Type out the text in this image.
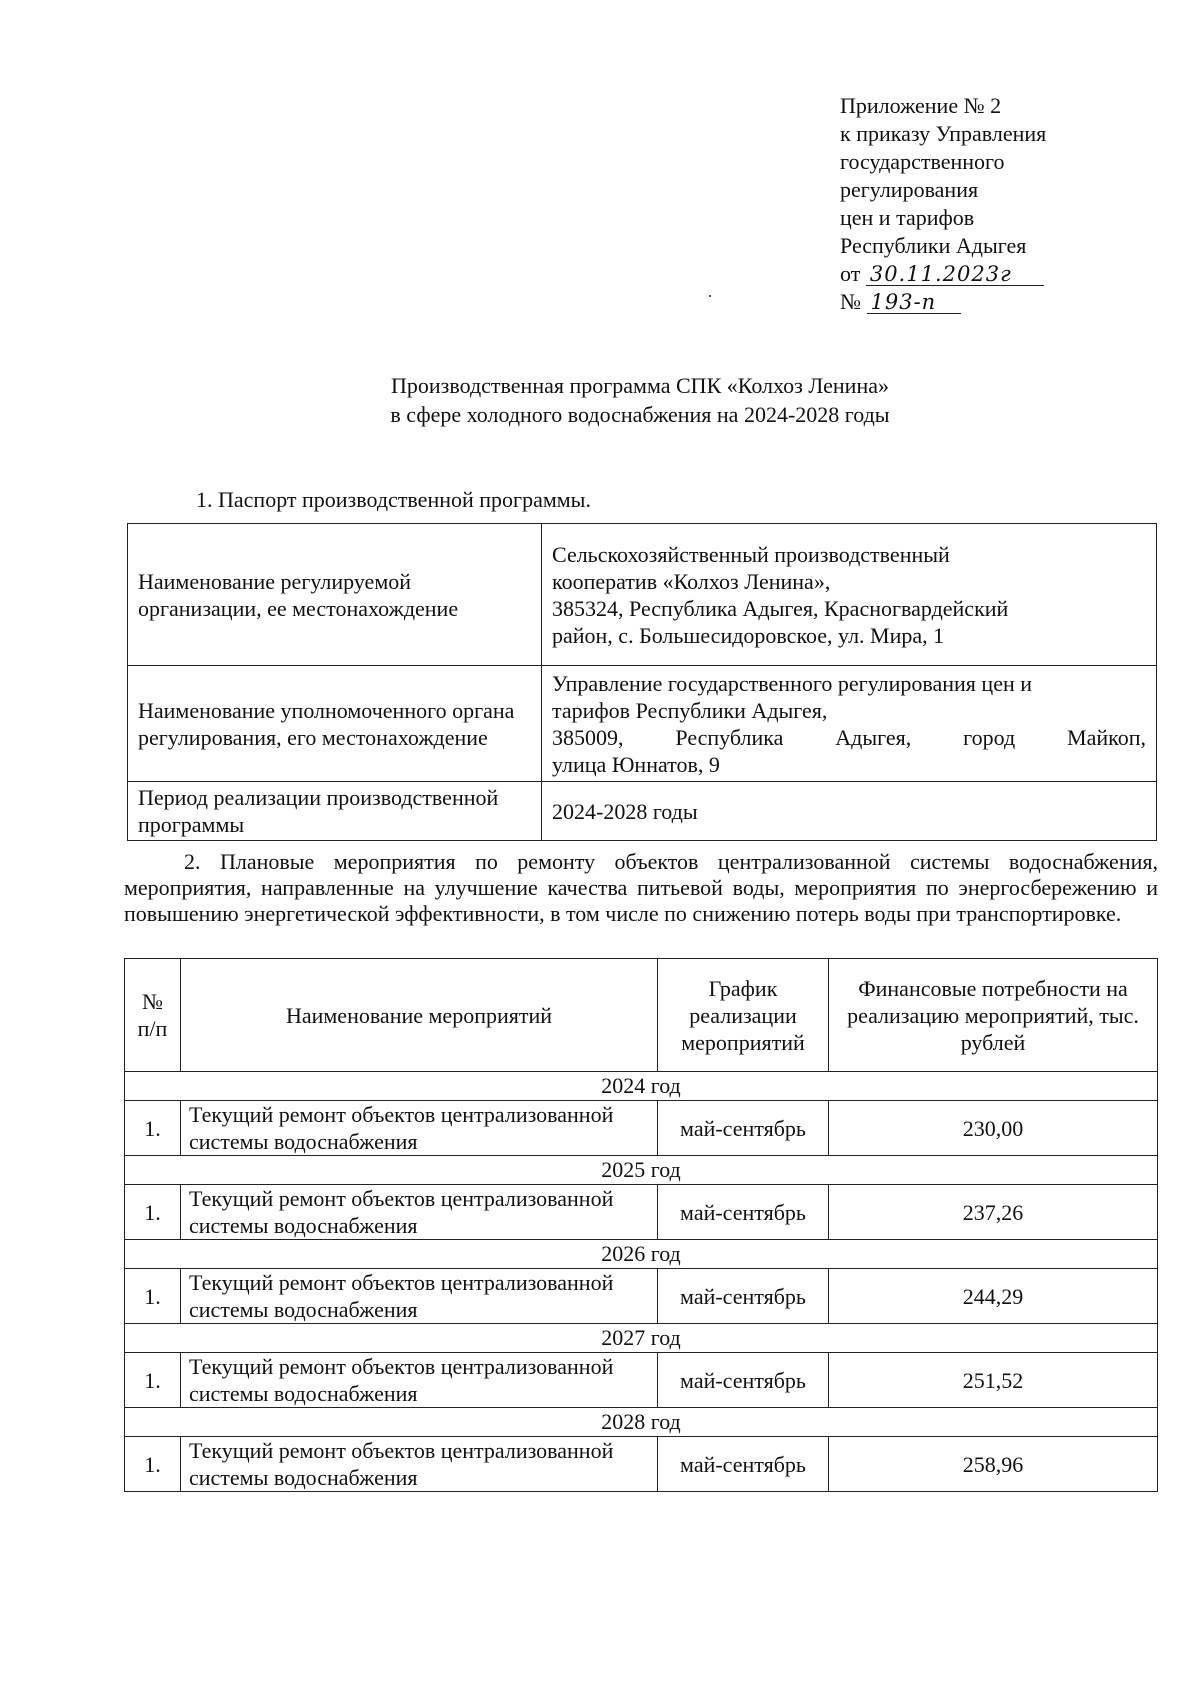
Приложение № 2
к приказу Управления
государственного
регулирования
цен и тарифов
Республики Адыгея
от 30.11.2023г
№ 193-п
Производственная программа СПК «Колхоз Ленина»
в сфере холодного водоснабжения на 2024-2028 годы
1. Паспорт производственной программы.
Наименование регулируемой организации, ее местонахождение	Сельскохозяйственный производственный
кооператив «Колхоз Ленина»,
385324, Республика Адыгея, Красногвардейский
район, с. Большесидоровское, ул. Мира, 1

Наименование уполномоченного органа регулирования, его местонахождение	Управление государственного регулирования цен и
тарифов Республики Адыгея,
385009, Республика Адыгея, город Майкоп,
улица Юннатов, 9

Период реализации производственной программы	2024-2028 годы
2. Плановые мероприятия по ремонту объектов централизованной системы водоснабжения, мероприятия, направленные на улучшение качества питьевой воды, мероприятия по энергосбережению и повышению энергетической эффективности, в том числе по снижению потерь воды при транспортировке.
№ п/п	Наименование мероприятий	График реализации мероприятий	Финансовые потребности на реализацию мероприятий, тыс. рублей
2024 год			
1.	Текущий ремонт объектов централизованной системы водоснабжения	май-сентябрь	230,00
2025 год			
1.	Текущий ремонт объектов централизованной системы водоснабжения	май-сентябрь	237,26
2026 год			
1.	Текущий ремонт объектов централизованной системы водоснабжения	май-сентябрь	244,29
2027 год			
1.	Текущий ремонт объектов централизованной системы водоснабжения	май-сентябрь	251,52
2028 год			
1.	Текущий ремонт объектов централизованной системы водоснабжения	май-сентябрь	258,96
